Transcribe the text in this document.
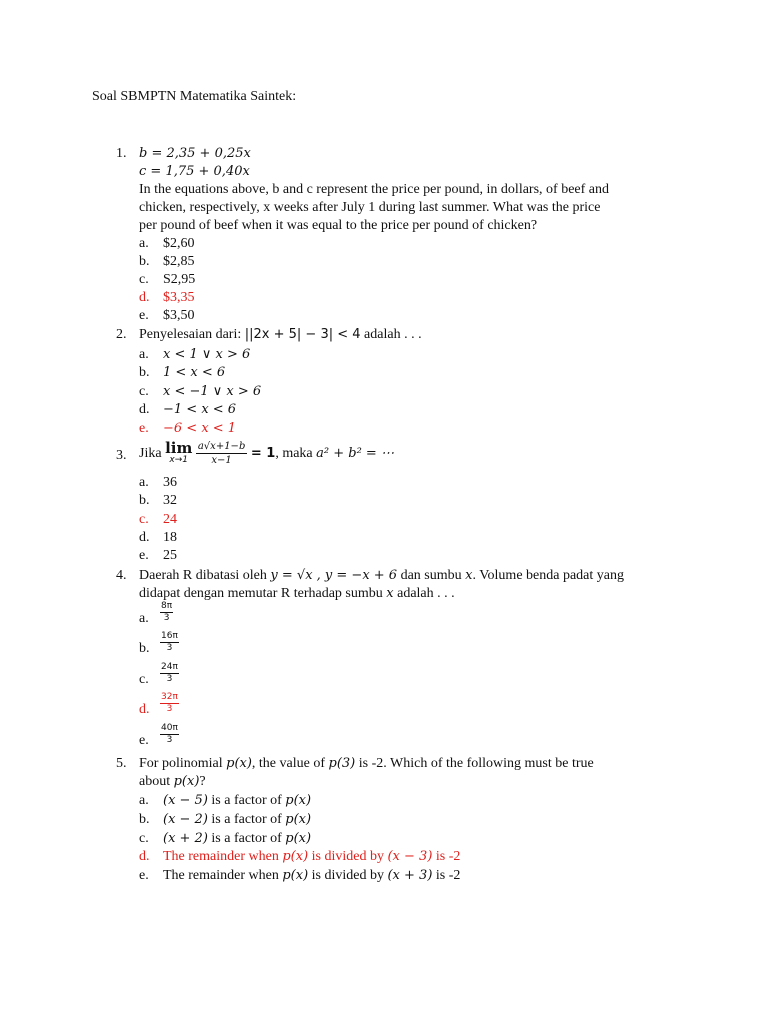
Soal SBMPTN Matematika Saintek:
1. b = 2,35 + 0,25x
c = 1,75 + 0,40x
In the equations above, b and c represent the price per pound, in dollars, of beef and
chicken, respectively, x weeks after July 1 during last summer. What was the price
per pound of beef when it was equal to the price per pound of chicken?
a. $2,60
b. $2,85
c. S2,95
d. $3,35
e. $3,50
2. Penyelesaian dari: ||2x + 5| − 3| < 4 adalah . . .
a. x < 1 ∨ x > 6
b. 1 < x < 6
c. x < −1 ∨ x > 6
d. −1 < x < 6
e. −6 < x < 1
3. Jika lim
x→1
$\frac{a√x+1-b}{x-1} = 1$, maka a² + b² = ⋯
a. 36
b. 32
c. 24
d. 18
e. 25
4. Daerah R dibatasi oleh y = √x , y = −x + 6 dan sumbu x. Volume benda padat yang
didapat dengan memutar R terhadap sumbu x adalah . . .
a. $\frac{8\pi}{3}$
b. $\frac{16\pi}{3}$
c. $\frac{24\pi}{3}$
d. $\frac{32\pi}{3}$
e. $\frac{40\pi}{3}$
5. For polinomial p(x), the value of p(3) is -2. Which of the following must be true
about p(x)?
a. (x − 5) is a factor of p(x)
b. (x − 2) is a factor of p(x)
c. (x + 2) is a factor of p(x)
d. The remainder when p(x) is divided by (x − 3) is -2
e. The remainder when p(x) is divided by (x + 3) is -2
